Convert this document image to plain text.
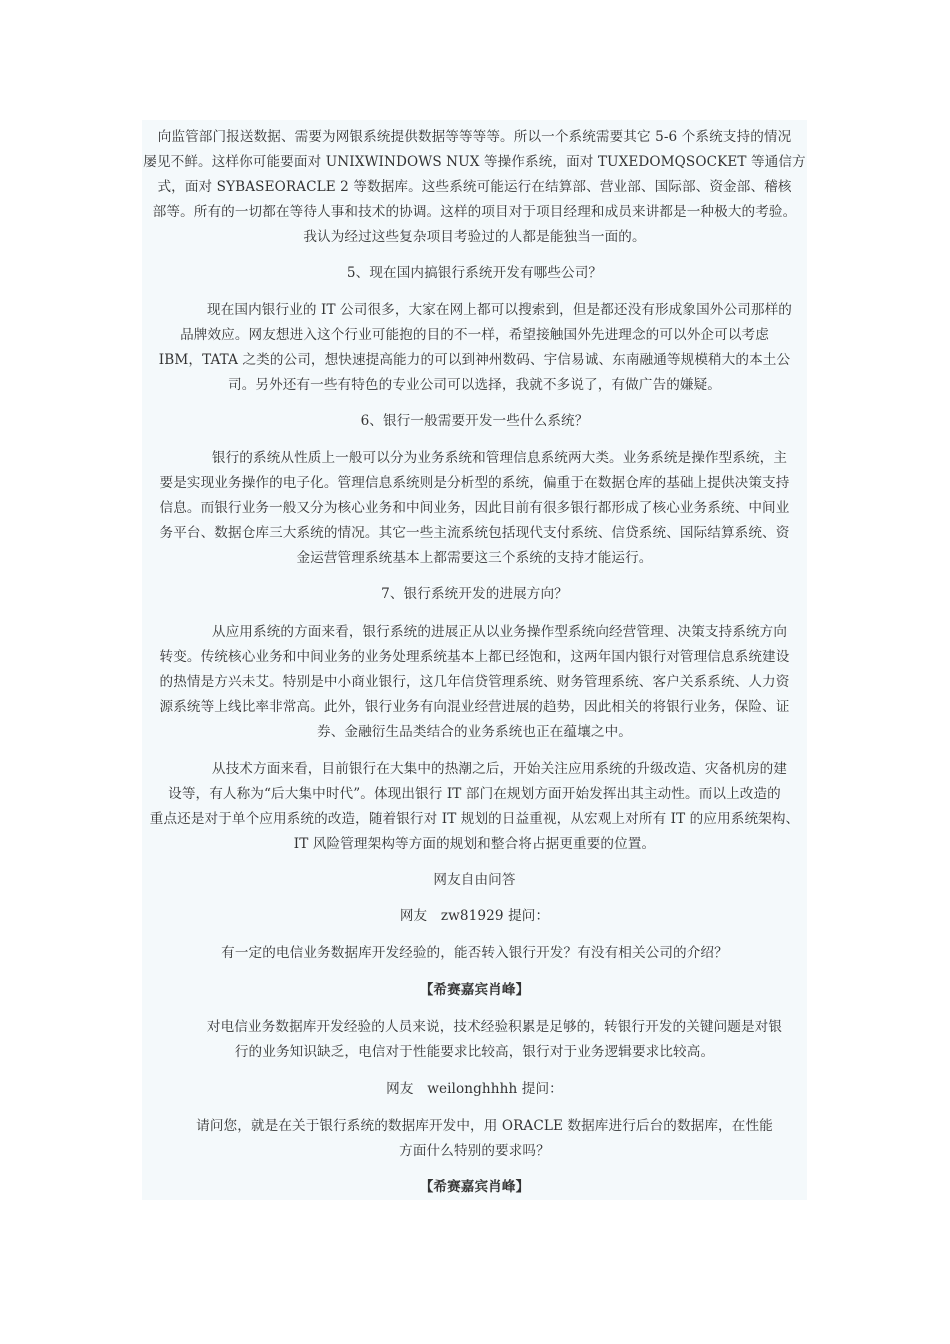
向监管部门报送数据、需要为网银系统提供数据等等等等。所以一个系统需要其它 5-6 个系统支持的情况
屡见不鲜。这样你可能要面对 UNIXWINDOWS NUX 等操作系统，面对 TUXEDOMQSOCKET 等通信方
式，面对 SYBASEORACLE 2 等数据库。这些系统可能运行在结算部、营业部、国际部、资金部、稽核
部等。所有的一切都在等待人事和技术的协调。这样的项目对于项目经理和成员来讲都是一种极大的考验。
我认为经过这些复杂项目考验过的人都是能独当一面的。
5、现在国内搞银行系统开发有哪些公司？
现在国内银行业的 IT 公司很多，大家在网上都可以搜索到，但是都还没有形成象国外公司那样的
品牌效应。网友想进入这个行业可能抱的目的不一样，希望接触国外先进理念的可以外企可以考虑
IBM，TATA 之类的公司，想快速提高能力的可以到神州数码、宇信易诚、东南融通等规模稍大的本土公
司。另外还有一些有特色的专业公司可以选择，我就不多说了，有做广告的嫌疑。
6、银行一般需要开发一些什么系统？
银行的系统从性质上一般可以分为业务系统和管理信息系统两大类。业务系统是操作型系统，主
要是实现业务操作的电子化。管理信息系统则是分析型的系统，偏重于在数据仓库的基础上提供决策支持
信息。而银行业务一般又分为核心业务和中间业务，因此目前有很多银行都形成了核心业务系统、中间业
务平台、数据仓库三大系统的情况。其它一些主流系统包括现代支付系统、信贷系统、国际结算系统、资
金运营管理系统基本上都需要这三个系统的支持才能运行。
7、银行系统开发的进展方向？
从应用系统的方面来看，银行系统的进展正从以业务操作型系统向经营管理、决策支持系统方向
转变。传统核心业务和中间业务的业务处理系统基本上都已经饱和，这两年国内银行对管理信息系统建设
的热情是方兴未艾。特别是中小商业银行，这几年信贷管理系统、财务管理系统、客户关系系统、人力资
源系统等上线比率非常高。此外，银行业务有向混业经营进展的趋势，因此相关的将银行业务，保险、证
券、金融衍生品类结合的业务系统也正在蕴壤之中。
从技术方面来看，目前银行在大集中的热潮之后，开始关注应用系统的升级改造、灾备机房的建
设等，有人称为“后大集中时代”。体现出银行 IT 部门在规划方面开始发挥出其主动性。而以上改造的
重点还是对于单个应用系统的改造，随着银行对 IT 规划的日益重视，从宏观上对所有 IT 的应用系统架构、
IT 风险管理架构等方面的规划和整合将占据更重要的位置。
网友自由问答
网友　zw81929 提问：
有一定的电信业务数据库开发经验的，能否转入银行开发？有没有相关公司的介绍？
【希赛嘉宾肖峰】
对电信业务数据库开发经验的人员来说，技术经验积累是足够的，转银行开发的关键问题是对银
行的业务知识缺乏，电信对于性能要求比较高，银行对于业务逻辑要求比较高。
网友　weilonghhhh 提问：
请问您，就是在关于银行系统的数据库开发中，用 ORACLE 数据库进行后台的数据库，在性能
方面什么特别的要求吗？
【希赛嘉宾肖峰】
